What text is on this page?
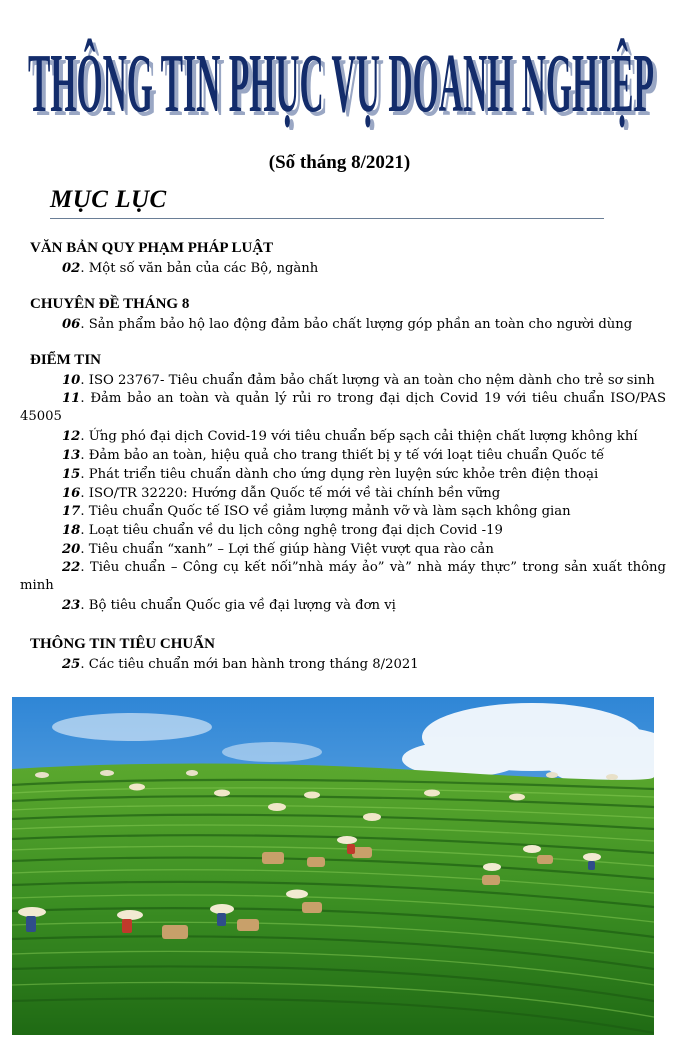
THÔNG TIN PHỤC VỤ DOANH NGHIỆP
THÔNG TIN PHỤC VỤ DOANH NGHIỆP
(Số tháng 8/2021)
MỤC LỤC
VĂN BẢN QUY PHẠM PHÁP LUẬT
02. Một số văn bản của các Bộ, ngành
CHUYÊN ĐỀ THÁNG 8
06. Sản phẩm bảo hộ lao động đảm bảo chất lượng góp phần an toàn cho người dùng
ĐIỂM TIN
10. ISO 23767- Tiêu chuẩn đảm bảo chất lượng và an toàn cho nệm dành cho trẻ sơ sinh
11. Đảm bảo an toàn và quản lý rủi ro trong đại dịch Covid 19 với tiêu chuẩn ISO/PAS 45005
12. Ứng phó đại dịch Covid-19 với tiêu chuẩn bếp sạch cải thiện chất lượng không khí
13. Đảm bảo an toàn, hiệu quả cho trang thiết bị y tế với loạt tiêu chuẩn Quốc tế
15. Phát triển tiêu chuẩn dành cho ứng dụng rèn luyện sức khỏe trên điện thoại
16. ISO/TR 32220: Hướng dẫn Quốc tế mới về tài chính bền vững
17. Tiêu chuẩn Quốc tế ISO về giảm lượng mảnh vỡ và làm sạch không gian
18. Loạt tiêu chuẩn về du lịch công nghệ trong đại dịch Covid -19
20. Tiêu chuẩn “xanh” – Lợi thế giúp hàng Việt vượt qua rào cản
22. Tiêu chuẩn – Công cụ kết nối”nhà máy ảo” và” nhà máy thực” trong sản xuất thông minh
23. Bộ tiêu chuẩn Quốc gia về đại lượng và đơn vị
THÔNG TIN TIÊU CHUẨN
25. Các tiêu chuẩn mới ban hành trong tháng 8/2021
